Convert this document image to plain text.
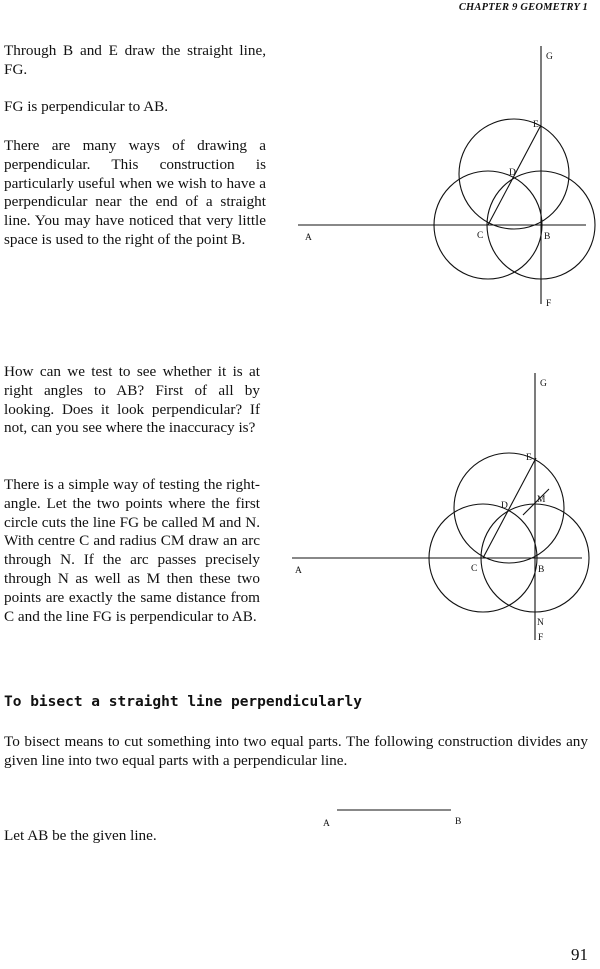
CHAPTER 9 GEOMETRY 1

Through B and E draw the straight line, FG.

FG is perpendicular to AB.

There are many ways of drawing a perpendicular. This construction is particularly useful when we wish to have a perpendicular near the end of a straight line. You may have noticed that very little space is used to the right of the point B.

How can we test to see whether it is at right angles to AB? First of all by looking. Does it look perpendicular? If not, can you see where the inaccuracy is?

There is a simple way of testing the right-angle. Let the two points where the first circle cuts the line FG be called M and N. With centre C and radius CM draw an arc through N. If the arc passes precisely through N as well as M then these two points are exactly the same distance from C and the line FG is perpendicular to AB.

To bisect a straight line perpendicularly

To bisect means to cut something into two equal parts. The following construction divides any given line into two equal parts with a perpendicular line.

Let AB be the given line.

91
A	B
C
D
E
F
G
A	B
C
D
E
F
G
M
N
A	B
